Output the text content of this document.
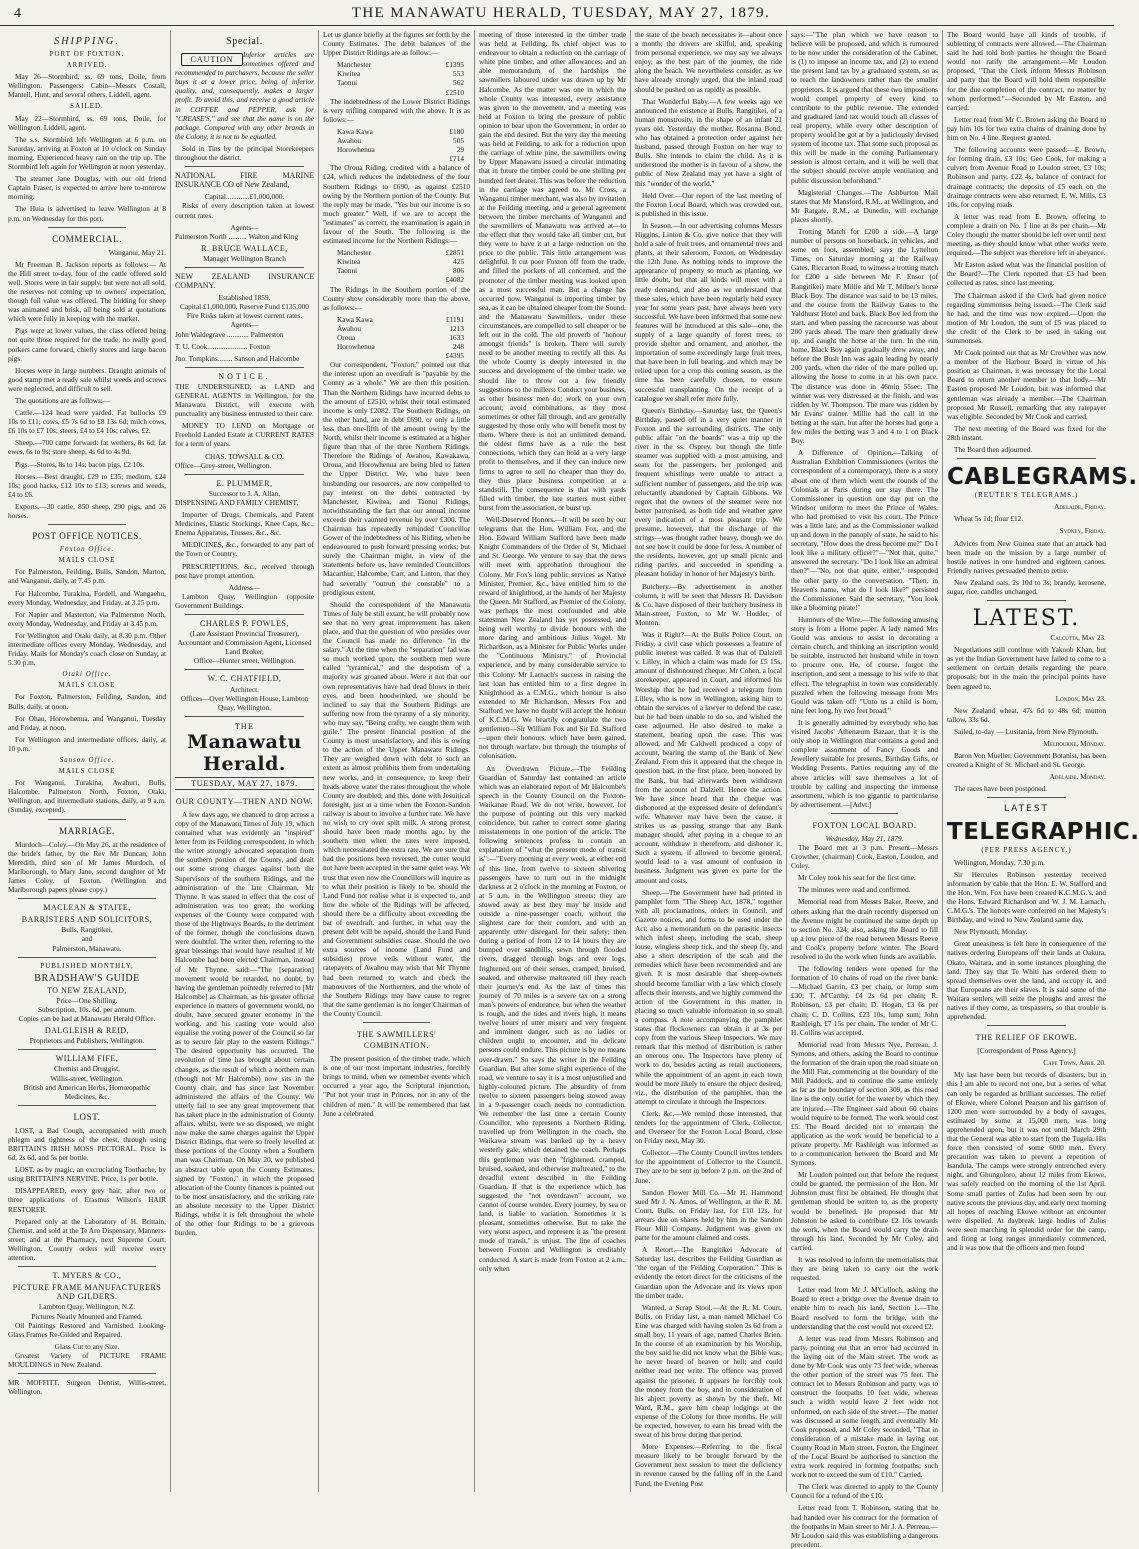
4	THE MANAWATU HERALD, TUESDAY, MAY 27, 1879.
SHIPPING.
PORT OF FOXTON.
ARRIVED.

May 26—Stormbird, ss, 69 tons, Doile, from Wellington. Passengers: Cabin—Messrs Costall, Mantell, Hunt, and several others. Liddell, agent.

SAILED.

May 22—Stormbird, ss, 69 tons, Doile, for Wellington. Liddell, agent.

The s.s. Stormbird left Wellington at 6 p.m. on Saturday, arriving at Foxton at 10 o'clock on Sunday morning. Experienced heavy rain on the trip up. The Stormbird left again for Wellington at noon yesterday.

The steamer Jane Douglas, with our old friend Captain Fraser, is expected to arrive here to-morrow morning.

The Huia is advertised to leave Wellington at 8 p.m. on Wednesday for this port.

COMMERCIAL.

Wanganui, May 21.

Mr Freeman R. Jackson reports as follows:— At the Hill street to-day, four of the cattle offered sold well. Stores were in fair supply, but were not all sold, the reserves not coming up to owners' expectation, though full value was offered. The bidding for sheep was animated and brisk, all being sold at quotations which were fully in keeping with the market.

Pigs were at lower values, the class offered being not quite those required for the trade; no really good porkers came forward, chiefly stores and large bacon pigs.

Horses were in large numbers. Draught animals of good stamp met a ready sale whilst weeds and screws were neglected, and difficult to sell.

The quotations are as follows:—

Cattle.—124 head were yarded. Fat bullocks £9 10s to £11; cows, £5 7s 6d to £8 13s 6d; milch cows, £6 10s to £7 10s; steers, £4 to £4 10s; calves, £2.

Sheep.—700 came forward: fat wethers, 8s 6d; fat ewes, 6s to 9s; store sheep, 4s 6d to 4s 9d.

Pigs.—Stores, 8s to 14s; bacon pigs, £2 10s.

Horses.—Best draught, £29 to £35; medium, £24 10s; good hacks, £12 10s to £13; screws and weeds, £4 to £6.

Exports.—30 cattle, 850 sheep, 290 pigs, and 26 horses.

POST OFFICE NOTICES.
Foxton Office.
MAILS CLOSE

For Palmerston, Feilding, Bulls, Sandon, Marton, and Wanganui, daily, at 7.45 p.m.

For Halcombe, Turakina, Fordell, and Wangaehu, every Monday, Wednesday, and Friday, at 3.15 p.m.

For Napier and Masterton, via Palmerston North, every Monday, Wednesday, and Friday at 3.45 p.m.

For Wellington and Otaki daily, at 8.30 p.m. Other intermediate offices every Monday, Wednesday, and Friday. Mails for Monday's coach close on Sunday, at 5.30 p.m.

Otaki Office.
MAILS CLOSE

For Foxton, Palmerston, Feilding, Sandon, and Bulls, daily, at noon.

For Ohau, Horowhenua, and Wanganui, Tuesday and Friday, at noon.

For Wellington and intermediate offices, daily, at 10 p.m.

Sanson Office.
MAILS CLOSE

For Wanganui, Turakina, Awahuri, Bulls, Halcombe, Palmerston North, Foxton, Otaki, Wellington, and intermediate stations, daily, at 9 a.m. (Sunday, excepted).

MARRIAGE.

Murdoch—Coley.—On May 26, at the residence of the bride's father, by the Rev Mr Duncan, John Meredith, third son of Mr James Murdoch, of Marlborough, to Mary Jane, second daughter of Mr James Coley, of Foxton. (Wellington and Marlborough papers please copy.)

MACLEAN & STAITE,
BARRISTERS AND SOLICITORS,

Bulls, Rangitikei,

and

Palmerston, Manawatu.

PUBLISHED MONTHLY,
BRADSHAW'S GUIDE
TO NEW ZEALAND,

Price—One Shilling.

Subscription, 10s. 6d. per annum.

Copies can be had at Manawatu Herald Office.

DALGLEISH & REID,

Proprietors and Publishers, Wellington.

WILLIAM FIFE,

Chemist and Druggist,

Willis-street, Wellington.

British and American Herbs, Homœopathic Medicines, &c.

LOST.

LOST, a Bad Cough, accompanied with much phlegm and tightness of the chest, through using BRITTAIN'S IRISH MOSS PECTORAL. Price 1s 6d, 2s 6d, and 5s per bottle.

LOST, as by magic, an excruciating Toothache, by using BRITTAIN'S NERVINE. Price, 1s per bottle.

DISAPPEARED, every grey hair, after two or three applications of Erasmus Wilson's HAIR RESTORER.

Prepared only at the Laboratory of H. Brittain, Chemist, and sold at the Te Aro Dispensary, Manners-street; and at the Pharmacy, next Supreme Court, Wellington. Country orders will receive every attention.

T. MYERS & CO.,
PICTURE FRAME MANUFACTURERS AND GILDERS.

Lambton Quay, Wellington, N.Z.

Pictures Neatly Mounted and Framed.

Oil Paintings Restored and Varnished. Looking-Glass Frames Re-Gilded and Repaired.

Glass Cut to any Size.

Greatest Variety of PICTURE FRAME MOULDINGS in New Zealand.

MR MOFFITT, Surgeon Dentist, Willis-street, Wellington.

Special.
CAUTION

Inferior articles are sometimes offered and recommended to purchasers, because the seller buys it at a lower price, being of inferior quality, and, consequently, makes a larger profit. To avoid this, and receive a good article in COFFEE and PEPPER, ask for "CREASE'S," and see that the name is on the package. Compared with any other brands in the Colony, it is not to be equalled.

Sold in Tins by the principal Storekeepers throughout the district.

NATIONAL FIRE MARINE INSURANCE CO of New Zealand,

Capital.............£1,000,000.

Risks of every description taken at lowest current rates.

Agents—

Palmerston North .......... Walton and King

R. BRUCE WALLACE,

Manager Wellington Branch

NEW ZEALAND INSURANCE COMPANY.

Established 1859.

Capital £1,000,000, Reserve Fund £135,000

Fire Risks taken at lowest current rates.

Agents—

John Waldegrave ............ Palmerston

T. U. Cook...................... Foxton

Jno. Tompkins........ Sanson and Halcombe

NOTICE.

THE UNDERSIGNED, as LAND and GENERAL AGENTS in Wellington, for the Manawatu District, will execute with punctuality any business entrusted to their care.

MONEY TO LEND on Mortgage or Freehold Landed Estate at CURRENT RATES for a term of years.

CHAS. TOWSALL & CO.

Office—Grey-street, Wellington.

E. PLUMMER,

Successor to J. A. Allan,

DISPENSING AND FAMILY CHEMIST,

Importer of Drugs, Chemicals, and Patent Medicines, Elastic Stockings, Knee Caps, &c., Enema Apparatus, Trusses, &c., &c.

MEDICINES, &c., forwarded to any part of the Town or Country.

PRESCRIPTIONS, &c., received through post have prompt attention.

Address—

Lambton Quay, Wellington (opposite Government Buildings.

CHARLES P. FOWLES,

(Late Assistant Provincial Treasurer), Accountant and Commission Agent, Licensed Land Broker,

Office—Hunter street, Wellington.

W. C. CHATFIELD,

Architect.

Offices—Over Wellington House, Lambton Quay, Wellington.

THE
Manawatu Herald.
TUESDAY, MAY 27, 1879.
OUR COUNTY—THEN AND NOW.

A few days ago, we chanced to drop across a copy of the Manawatu Times of July 19, which contained what was evidently an "inspired" letter from its Feilding correspondent, in which the writer strongly advocated separation from the southern portion of the County, and dealt out some strong charges against both the Supervisors of the southern Ridings, and the administration of the late Chairman, Mr Thynne. It was stated in effect that the cost of administration was too great; the working expenses of the County were compared with those of the Highways Boards, to the detriment of the former, though the conclusions drawn were doubtful. The writer then, referring to the great blessings that would have resulted if Mr Halcombe had been elected Chairman, instead of Mr Thynne, said:—"The [separation] movement would be retarded, no doubt, by having the gentleman pointedly referred to [Mr Halcombe] as Chairman, as his greater official experience in matters of government would, no doubt, have secured greater economy in the working, and his casting vote would also equalise the voting power of the Council so far as to secure fair play to the eastern Ridings." The desired opportunity has occurred. The revolution of time has brought about certain changes, as the result of which a northern man (though not Mr Halcombe) now sits in the County chair, and has since last November administered the affairs of the County. We utterly fail to see any great improvement that has taken place in the administration of County affairs, whilst, were we so disposed, we might now make the same charges against the Upper District Ridings, that were so freely levelled at these portions of the County when a Southern man was Chairman. On May 20, we published an abstract table upon the County Estimates, signed by "Foxton," in which the proposed allocation of the County finances is pointed out to be most unsatisfactory, and the striking rate an absolute necessity to the Upper District Ridings, whilst it is felt throughout the whole of the other four Ridings to be a grievous burden.

Let us glance briefly at the figures set forth by the County Estimates. The debit balances of the Upper District Ridings are as follow:—

Manchester	£1395
Kiwitea	553
Taonui	562
£2510

The indebtedness of the Lower District Ridings is very trifling compared with the above. It is as follows:—

Kawa Kawa	£180
Awahou	505
Horowhenua	29
£714

The Oroua Riding, credited with a balance of £24, which reduces the indebtedness of the four Southern Ridings to £690, as against £2510 owing by the Northern portion of the County. But the reply may be made, "Yes but our income is so much greater." Well, if we are to accept the "estimates" as correct, the examination is again in favour of the South. The following is the estimated income for the Northern Ridings:—

Manchester	£2851
Kiwitea	425
Taonui	806
£4082

The Ridings in the Southern portion of the County show considerably more than the above, as follows:—

Kawa Kawa	£1191
Awahou	1213
Oroua	1633
Horowhenua	248
£4395

Our correspondent, "Foxton," pointed out that the interest upon an overdraft is "payable by the County as a whole." We are then this position. Than the Northern Ridings have incurred debts to the amount of £2510, whilst their total estimated income is only £2082. The Southern Ridings, on the other hand, are in debt £690, or only a little less than one-fifth of the amount owing by the North, whilst their income is estimated at a higher figure than that of the three Northern Ridings. Therefore the Ridings of Awahou, Kawakawa, Oroua, and Horowhenua are being bled to fatten the Upper District. We, who have been husbanding our resources, are now compelled to pay interest on the debts contracted by Manchester, Kiwitea, and Taonui Ridings, notwithstanding the fact that our annual income exceeds their vaunted revenue by over £300. The Chairman has repeatedly reminded Councillor Gower of the indebtedness of his Riding, when he endeavoured to push forward pressing works; but surely the Chairman might, in view of the statements before us, have reminded Councillors Macarthur, Halcombe, Carr, and Linton, that they had severally "outrun the constable" to a prodigious extent.

Should the correspondent of the Manawatu Times of July be still extant, he will probably now see that no very great improvement has taken place, and that the question of who presides over the Council has made no difference "in the salary." At the time when the "separation" fad was so much worked upon, the southern men were called "tyrannical," and the despotism of a majority was groaned about. Were it not that our own representatives have had dead blows in their eyes, and been hoodwinked, we should be inclined to say that the Southern Ridings are suffering now from the tyranny of a sly minority, who may say, "Being crafty, we caught them with guile." The present financial position of the County is most unsatisfactory, and this is owing to the action of the Upper Manawatu Ridings. They are weighed down with debt to such an extent as almost prohibits them from undertaking new works, and in consequence, to keep their heads above water the rates throughout the whole County are doubled; and this, done with Jesuitical foresight, just at a time when the Foxton-Sandon railway is about to involve a further rate. We have no wish to cry over spilt milk. A strong protest should have been made months ago, by the southern men when the rates were imposed, which necessitated the extra rate. We are sure that had the positions been reversed, the cutter would not have been accepted in the same quiet way. We trust that even now the Councillors will inquire as to what their position is likely to be, should the Land Fund not realise what it is expected to, and how the whole of the Ridings will be affected, should there be a difficulty about exceeding the bar of overdraft, and further, in what way the present debt will be repaid, should the Land Fund and Government subsidies cease. Should the two extra sources of income (Land Fund and subsidies) prove veils without water, the ratepayers of Awahou may wish that Mr Thynne had been returned to watch and check the manœuvres of the Northerners, and the whole of the Southern Ridings may have cause to regret that the same gentleman is no longer Chairman of the County Council.

THE SAWMILLERS' COMBINATION.

The present position of the timber trade, which is one of our most important industries, forcibly brings to mind, when we remember events which occurred a year ago, the Scriptural injunction, "Put not your trust in Princes, nor in any of the children of men." It will be remembered that last June a celebrated

meeting of those interested in the timber trade was held at Feilding. Its chief object was to endeavour to obtain a reduction on the carriage of white pine timber, and other allowances; and an able memorandum of the hardships the sawmillers laboured under was drawn up by Mr Halcombe. As the matter was one in which the whole County was interested, every assistance was given to the movement, and a meeting was held at Foxton to bring the pressure of public opinion to bear upon the Government, in order to gain the end desired. But the very day the meeting was held at Feilding, to ask for a reduction upon the carriage of white pine, the sawmillers owing by Upper Manawatu issued a circular intimating that in future the timber could be one shilling per hundred feet dearer. This was before the reduction in the carriage was agreed to. Mr Cross, a Wanganui timber merchant, was also by invitation at the Feilding meeting, and a general agreement between the timber merchants of Wanganui and the sawmillers of Manawatu was arrived at—to the effect that they would take all timber cut, but they were to have it at a large reduction on the price to the public. This little arrangement was delightful. It cut poor Foxton off from the trade, and filled the pockets of all concerned, and the promoter of the timber meeting was looked upon as a most successful man. But a change has occurred now. Wanganui is importing timber by sea, as it can be obtained cheaper from the Sound, and the Manawatu Sawmillers, under these circumstances, are compelled to sell cheaper or be left out in the cold. The old proverb of "honour amongst friends" is broken. There will surely need to be another meeting to rectify all this. As the whole County is deeply interested in the success and development of the timber trade, we should like to throw out a few friendly suggestions to the millers: Conduct your business, as other business men do; work on your own account; avoid combinations, as they most sometimes or other fall through, and are generally suggested by those only who will benefit most by them. Where there is not an unlimited demand, the oldest firms have as a rule the best connections, which they can hold at a very large profit to themselves, and if they can induce new firms to agree to sell no cheaper than they do, they thus place business competition at a standstill. The consequence is that with yards filled with timber, the late starters must either burst from the association, or burst up.

Well-Deserved Honors.—It will be seen by our telegrams that the Hon. William Fox, and the Hon. Edward William Stafford have been made Knight Commanders of the Order of St. Michael and St. George. We venture to say that the news will meet with approbation throughout the Colony. Mr Fox's long public services as Native Minister, Premier, &c., have entitled him to the reward of knighthood, at the hands of her Majesty the Queen. Mr Stafford, as Premier of the Colony, was perhaps the most confounded and able statesman New Zealand has yet possessed, and being well worthy to divide honours with the more daring and ambitious Julius Vogel. Mr Richardson, as a Minister for Public Works under the "Continuous Ministry," of Provincial experience, and by many considerable service to this Colony. Mr Larnach's success in raising the last loan has entitled him to a first degree in Knighthood as a C.M.G., which honour is also extended to Mr Richardson. Messrs Fox and Stafford we have no doubt will accept the honour of K.C.M.G. We heartily congratulate the two gentlemen—Sir William Fox and Sir Ed. Stafford—upon their honours, which have been gained, not through warfare, but through the triumphs of colonisation.

An Overdrawn Picture.—The Feilding Guardian of Saturday last contained an article which was an elaborated report of Mr Halcombe's speech in the County Council on the Foxton-Waikanae Road. We do not write, however, for the purpose of pointing out this very marked coincidence, but rather to correct some glaring misstatements in one portion of the article. The following sentences profess to contain an explanation of "what the present mode of transit is":—"Every morning at every week, at either end of this line, from twelve to sixteen shivering passengers have to turn out in the midnight darkness at 2 o'clock in the morning at Foxton, or at 5 a.m. in the Wellington streets; they are stowed away as best they may be inside and outside a nine-passenger coach, without the slightest care for their comfort, and with an apparently utter disregard for their safety; then during a period of from 12 to 14 hours they are bumped over sandhills, sewn through flooded rivers, dragged through bogs and over logs, frightened out of their senses, cramped, bruised, soaked, and otherwise maltreated till they reach their journey's end. As the last of times this journey of 70 miles is a severe tax on a strong man's powers of endurance, but when the weather is rough, and the tides and rivers high, it means twelve hours of utter misery and very frequent and imminent danger, such as no ladies or children ought to encounter, and no delicate persons could endure. This picture is by no means over-drawn." So says the writer in the Feilding Guardian. But after some slight experience of the road, we venture to say it is a most unjustified and highly-coloured picture. The absurdity of from twelve to sixteen passengers being stowed away in a 9-passenger coach needs no contradiction. We remember the last time a certain County Councillor, who represents a Northern Riding, travelled up from Wellington in the coach, the Waikawa stream was banked up by a heavy westerly gale, which detained the coach. Perhaps this gentleman was then "frightened, cramped, bruised, soaked, and otherwise maltreated," to the dreadful extent described in the Feilding Guardian. If that is the experience which has suggested the "not overdrawn" account, we cannot of course wonder. Every journey, by sea or land, is liable to variation. Sometimes it is pleasant, sometimes otherwise. But to take the very worst aspect, and represent it as "the present mode of transit," is unjust. The line of coaches between Foxton and Wellington is creditably conducted. A start is made from Foxton at 2 a.m., only when

the state of the beach necessitates it—about once a month; the drivers are skilful, and, speaking from personal experience, we may say we always enjoy, as the best part of the journey, the ride along the beach. We nevertheless consider, as we have already strongly urged, that the inland road should be pushed on as rapidly as possible.

That Wonderful Baby.—A few weeks ago we announced the existence at Bulls, Rangitikei, of a human monstrosity, in the shape of an infant 21 years old. Yesterday the mother, Rosanna Bond, who has obtained a protection order against her husband, passed through Foxton on her way to Bulls. She intends to claim the child. As it is understood the mother is in favour of a show, the public of New Zealand may yet have a sight of this "wonder of the world."

Held Over.—Our report of the last meeting of the Foxton Local Board, which was crowded out, is published in this issue.

In Season.—In our advertising columns Messrs Higgins, Linton & Co. give notice that they will hold a sale of fruit trees, and ornamental trees and plants, at their saleroom, Foxton, on Wednesday the 12th June. As nothing tends to improve the appearance of property so much as planting, we little doubt, but that all kinds will meet with a ready demand, and also as we understand that these sales, which have been regularly held every year for some years past, have always been very successful. We have been informed that some new features will be introduced at this sale—one, the supply of a large quantity of forest trees, to provide shelter and ornament, and another, the importation of some exceedingly large fruit trees, that have been in full bearing, and which may be relied upon for a crop this coming season, as the time has been carefully chosen, to ensure successful transplanting. On the receipt of a catalogue we shall refer more fully.

Queen's Birthday.—Saturday last, the Queen's Birthday, passed off in a very quiet manner in Foxton and the surrounding districts. The only public affair "on the boards" was a trip up the river in the ss. Osprey, but though the little steamer was supplied with a most amusing, and seats for the passengers, her prolonged and frequent whistlings were unable to attract a sufficient number of passengers, and the trip was reluctantly abandoned by Captain Gibbons. We regret that the owners of the steamer were not better patronised, as both tide and weather gave every indication of a most pleasant trip. We presume, however, that the discharge of the strings—was thought rather heavy, though we do not see how it could be done for less. A number of the residents, however, got up small picnic and riding parties, and succeeded in spending a pleasant holiday in honor of her Majesty's birth.

Butchery.—By advertisement in another column, it will be seen that Messrs H. Davidson & Co. have disposed of their butchery business in Main-street, Foxton, to Mr W. Hodder, of Monton.

Was it Right?—At the Bulls Police Court, on Friday, a civil case which possesses a feature of public interest was called. It was that of Dalziell v. Lilley, in which a claim was made for £5 15s, amount of dishonoured cheque. Mr Cohen, a local storekeeper, appeared in Court, and informed his Worship that he had received a telegram from Lilley, who is now in Wellington, asking him to obtain the services of a lawyer to defend the case, but he had been unable to do so, and wished the case adjourned. He also desired to make a statement, bearing upon the case. This was allowed, and Mr Caldwell produced a copy of account, bearing the stamp of the Bank of New Zealand. From this it appeared that the cheque in question had, in the first place, been honored by the Bank, but had afterwards been withdrawn from the account of Dalziell. Hence the action. We have since heard that the cheque was dishonored at the expressed desire of defendant's wife. Whatever may have been the cause, it strikes us as passing strange that any Bank manager should, after paying in a cheque to an account, withdraw it therefrom, and dishonor it. Such a system, if allowed to become general, would lead to a vast amount of confusion in business. Judgment was given ex parte for the amount and costs.

Sheep.—The Government have had printed in pamphlet form "The Sheep Act, 1878," together with all proclamations, orders in Council, and Gazette notices, and forms to be used under the Act; also a memorandum on the parasitic insects which infest sheep, including the scab, sheep louse, wingless sheep tick, and the sheep fly, and also a short description of the scab and the remedies which have been recommended and are given. It is most desirable that sheep-owners should become familiar with a law which closely affects their interests, and we highly commend the action of the Government in this matter, in placing so much valuable information in so small a compass. A note accompanying the pamphlet states that flockowners can obtain it at 3s per copy from the various Sheep Inspectors. We may remark that this method of distribution is rather an onerous one. The Inspectors have plenty of work to do, besides acting as retail auctioneers, while the appointment of an agent in each town would be more likely to ensure the object desired, viz., the distribution of the pamphlet, than the attempt to circulate it through the Inspectors.

Clerk, &c.—We remind those interested, that tenders for the appointment of Clerk, Collector, and Overseer for the Foxton Local Board, close on Friday next, May 30.

Collector.—The County Council invites tenders for the appointment of Collector to the Council. They are to be sent in before 2 p.m. on the 2nd of June.

Sandon Flower Mill Co.—Mr H. Hammond sued Mr J. N. Amos, of Wellington, at the R. M. Court, Bulls, on Friday last, for £10 12s, for arrears due on shares held by him in the Sandon Flour Mill Company. Judgment was given ex parte for the amount claimed and costs.

A Retort.—The Rangitikei Advocate of Saturday last, describes the Feilding Guardian as "the organ of the Feilding Corporation." This is evidently the retort direct for the criticisms of the Guardian upon the Advocate and its views upon the timber trade.

Wanted, a Scrap Stool.—At the R. M. Court, Bulls, on Friday last, a man named Michael Co Eine was charged with having stolen 2s 6d from a small boy, 11 years of age, named Charles Brien. In the course of an examination by his Worship, the boy said he did not know what the Bible was; he never heard of heaven or hell; and could neither read nor write. The offence was proved against the prisoner. It appears he forcibly took the money from the boy, and in consideration of his abject poverty as shown by the theft, Mr Ward, R.M., gave him cheap lodgings at the expense of the Colony for three months. He will be expected, however, to earn his bread with the sweat of his brow during that period.

More Expenses.—Referring to the fiscal measure likely to be brought forward by the Government next session to meet the deficiency in revenue caused by the falling off in the Land Fund, the Evening Post

says:—"The plan which we have reason to believe will be proposed, and which is rumoured to be now under the consideration of the Cabinet, is (1) to impose an income tax, and (2) to extend the present land tax by a graduated system, so as to reach the landowners rather than the smaller proprietors. It is argued that these two impositions would compel property of every kind to contribute to the public revenue. The extended and graduated land tax would touch all classes of real property, while every other description of property would be got at by a judiciously devised system of income tax. That some such proposal as this will be made in the coming Parliamentary session is almost certain, and it will be well that the subject should receive ample ventilation and public discussion beforehand."

Magisterial Changes.—The Ashburton Mail states that Mr Mansford, R.M., at Wellington, and Mr Ratgate, R.M., at Dunedin, will exchange places shortly.

Trotting Match for £200 a side.—A large number of persons on horseback, in vehicles, and some on foot, assembled, says the Lyttelton Times, on Saturday morning at the Railway Gates, Riccarton Road, to witness a trotting match for £200 a side between Mr F. Ensor (of Rangitikei) mare Millie and Mr T. Milner's horse Black Boy. The distance was said to be 13 miles, and the course from the Railway Gates to the Yaldhurst Hotel and back. Black Boy led from the start, and when passing the racecourse was about 200 yards ahead. The mare then gradually drew up, and caught the horse at the turn. In the run home, Black Boy again gradually drew away, and before the Bush Inn was again leading by nearly 200 yards, when the rider of the mare pulled up, allowing the horse to come in at his own pace. The distance was done in 46min 55sec. The winner was very distressed at the finish, and was ridden by W. Thompson. The mare was ridden by Mr Evans' trainer. Millie had the call in the betting at the start, but after the horses had gone a few miles the betting was 3 and 4 to 1 on Black Boy.

A Difference of Opinion.—Talking of Australian Exhibition Commissioners (writes the correspondent of a contemporary), there is a story about one of them which went the rounds of the Colonials at Paris during our stay there. The Commissioner in question one day put on the Windsor uniform to meet the Prince of Wales, who had promised to visit his court. The Prince was a little late, and as the Commissioner walked up and down in the panoply of state, he said to his secretary, "How does the dress become me?" Do I look like a military officer?"—"Not that, quite," answered the secretary. "Do I look like an admiral then?"—"No, not that quite, either," responded the other party to the conversation. "Then, in Heaven's name, what do I look like?" persisted the Commissioner. Said the secretary, "You look like a blooming pirate!"

Humours of the Wire.—The following amusing story is from a Home paper. A lady named Mrs Gould was anxious to assist in decorating a certain church, and thinking an inscription would be suitable, instructed her husband while in town to procure one. He, of course, forgot the inscription, and sent a message to his wife to that effect. The telegraphist in town was considerably puzzled when the following message from Mrs Gould was taken off: "Unto us a child is born, nine feet long, by two feet broad."

It is generally admitted by everybody who has visited Jacobs' Athenæum Bazaar, that it is the only shop in Wellington that contains a good and complete assortment of Fancy Goods and Jewellery suitable for presents, Birthday Gifts, or Wedding Presents. Parties requiring any of the above articles will save themselves a lot of trouble by calling and inspecting the immense assortment, which is too gigantic to particularise by advertisement.—[Advt.]

FOXTON LOCAL BOARD.

Wednesday, May 21, 1879.

The Board met at 3 p.m. Present—Messrs Crowther, (chairman) Cook, Easton, Loudon, and Coley.

Mr Coley took his seat for the first time.

The minutes were read and confirmed.

Memorial read from Messrs Baker, Reeve, and others asking that the drain recently dispersed on the Avenue might be continued the same depth up to section No. 324; also, asking the Board to fill up a low piece of the road between Messrs Reeve and Cook's property before winter. The Board resolved to do the work when funds are available.

The following tenders were opened for the formation of 10 chains of road on the river bank:—Michael Garrin, £3 per chain, or lump sum £30; T. M'Carthy, £4 2s 6d per chain; R. Robinson, £3 per chain; D. Hogan, £3 6s per chain; C. D. Collins, £23 10s, lump sum; John Rashleigh, £7 15s per chain. The tender of Mr C. H. Collins was accepted.

Memorial read from Messrs Nye, Perreau, J. Symons, and others, asking the Board to continue the formation of the drain upon the road situate on the Mill Flat, commencing at the boundary of the Mill Paddock, and to continue the same entirely as far as the boundary of section 309, as this road line is the only outlet for the water by which they are injured.—The Engineer said about 60 chains would require to be formed. The work would cost £5. The Board decided not to entertain the application as the work would be beneficial to a private property. Mr Rashleigh was informed as to a communication between the Board and Mr Symons.

Mr Loudon pointed out that before the request could be granted, the permission of the Hon. Mr Johnston must first be obtained. He thought that gentleman should be written to, as the property would be benefited. He proposed that Mr Johnston be asked to contribute £2 10s towards the work, when the Board would carry the drain through his land. Seconded by Mr Coley, and carried.

It was resolved to inform the memorialists that they are being taken to carry out the work requested.

Letter read from Mr J. M'Culloch, asking the Board to erect a bridge over the Avenue drain to enable him to reach his land, Section 1.—The Board resolved to form the bridge, with the understanding that the cost would not exceed £2.

A letter was read from Messrs Robinson and party, pointing out that an error had occurred in the laying out of the Main street. The work as done by Mr Cook was only 73 feet wide, whereas the other portion of the street was 75 feet. The contract let to Messrs Robinson and party was to construct the footpaths 10 feet wide, whereas such a width would leave 2 feet wide not unformed, on each side of the street.—The matter was discussed at some length, and eventually Mr Cook proposed, and Mr Coley seconded, "That in consideration of a mistake made in laying out County Road in Main street, Foxton, the Engineer of the Local Board be authorised to sanction the extra work required in forming footpaths; such work not to exceed the sum of £10." Carried.

The Clerk was directed to apply to the County Council for a refund of the £10.

Letter read from T. Robinson, stating that he had handed over his contract for the formation of the footpaths in Main street to Mr J. A. Perreau.—Mr Loudon said this was establishing a dangerous precedent.

The Board would have all kinds of trouble, if subletting of contracts were allowed.—The Chairman said he had told both parties he thought the Board would not ratify the arrangement.—Mr Loudon proposed, "That the Clerk inform Messrs Robinson and party that the Board will hold them responsible for the due completion of the contract, no matter by whom performed."—Seconded by Mr Easton, and carried.

Letter read from Mr C. Brown asking the Board to pay him 10s for two extra chains of draining done by him on No. 4 line. Request granted.

The following accounts were passed:—E. Brown, for forming drain, £3 10s; Geo Cook, for making a culvert from Avenue Road to Loudon street, £3 10s; Robinson and party, £22 4s, balance of contract for drainage contracts; the deposits of £5 each on the drainage contracts were also returned; E. W. Mills, £3 10s, for copying roads.

A letter was read from E. Brown, offering to complete a drain on No. 1 line at 8s per chain.—Mr Coley thought the matter should be left over until next meeting, as they should know what other works were required.—The subject was therefore left in abeyance.

Mr Easton asked what was the financial position of the Board?—The Clerk reported that £3 had been collected as rates, since last meeting.

The Chairman asked if the Clerk had given notice regarding summonses being issued.—The Clerk said he had, and the time was now expired.—Upon the motion of Mr Loudon, the sum of £5 was placed to the credit of the Clerk to be used in taking out summonses.

Mr Cook pointed out that as Mr Crowther was now a member of the Harbour Board in virtue of his position as Chairman, it was necessary for the Local Board to return another member to that body.—Mr Easton proposed Mr Loudon, but was informed that gentleman was already a member.—The Chairman proposed Mr Russell, remarking that any ratepayer was eligible. Seconded by Mr Cook and carried.

The next meeting of the Board was fixed for the 28th instant.

The Board then adjourned.

CABLEGRAMS.
(REUTER'S TELEGRAMS.)

Adelaide, Friday.

Wheat 5s 1d; flour £12.

Sydney, Friday.

Advices from New Guinea state that an attack had been made on the mission by a large number of hostile natives in one hundred and eighteen canoes. Friendly natives persuaded them to retire.

New Zealand oats, 2s 10d to 3s; brandy, kerosene, sugar, rice, candles unchanged.

LATEST.

Calcutta, May 23.

Negotiations still continue with Yakoob Khan, but as yet the Indian Government have failed to come to a settlement on certain details regarding the peace proposals; but in the main the principal points have been agreed to.

London, May 23.

New Zealand wheat, 47s 6d to 48s 6d; mutton tallow, 33s 6d.

Sailed, to-day — Lusitania, from New Plymouth.

Melbourne, Monday.

Baron Von Mueller, Government Botanist, has been created a Knight of St. Michael and St. George.

Adelaide, Monday.

The races have been postponed.

LATEST
TELEGRAPHIC.
(PER PRESS AGENCY.)

Wellington, Monday, 7.30 p.m.

Sir Hercules Robinson yesterday received information by cable that the Hon. E. W. Stafford and the Hon. Wm. Fox have been created K.C.M.G.'s, and the Hons. Edward Richardson and W. J. M. Larnach, C.M.G.'s. The honors were conferred on her Majesty's Birthday, and wired to New Zealand same day.

New Plymouth, Monday.

Great uneasiness is felt here in consequence of the natives ordering Europeans off their lands at Oakura, Okato, Waitara, and in some instances ploughing the land. They say that Te Whiti has ordered them to spread themselves over the land, and occupy it, and that Europeans are their slaves. It is said some of the Waitara settlers will seize the ploughs and arrest the natives if they come, as trespassers, so that trouble is apprehended.

THE RELIEF OF EKOWE.

[Correspondent of Press Agency.]

Cape Town, April 20.

My last have been but records of disasters, but in this I am able to record not one, but a series of what can only be regarded as brilliant successes. The relief of Ekowe, where Colonel Pearson and his garrison of 1200 men were surrounded by a body of savages, estimated by some at 15,000 men, was long apprehended upon, but it was not until March 29th that the General was able to start from the Tugela. His force then consisted of some 6000 men. Every precaution was taken to prevent a repetition of Isandula. The camps were strongly entrenched every night, and Ghungoloro, about 12 miles from Ekowe, was safely reached on the morning of the 1st April. Some small parties of Zulus had been seen by our native scouts the previous day, and early next morning all hopes of reaching Ekowe without an encounter were dispelled. At daybreak large bodies of Zulus were seen marching in splendid order for the camp, and firing at long ranges immediately commenced, and it was now that the officers and men found
